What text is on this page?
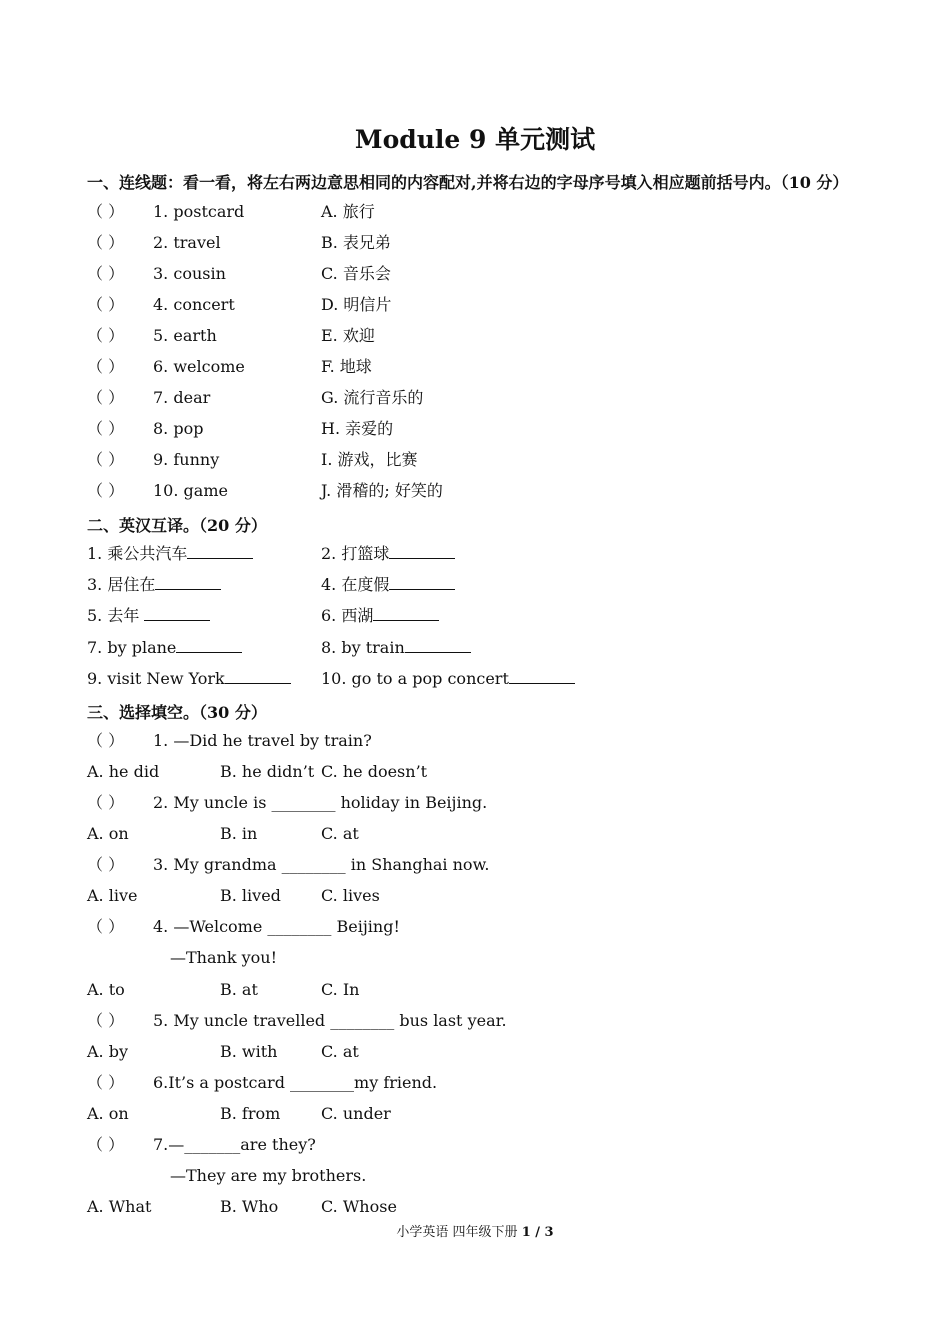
Module 9 单元测试
一、连线题：看一看，将左右两边意思相同的内容配对,并将右边的字母序号填入相应题前括号内。（10 分）
二、英汉互译。（20 分）
三、选择填空。（30 分）
小学英语 四年级下册 1 / 3
（ ） 1. postcard	A. 旅行
（ ） 2. travel	B. 表兄弟
（ ） 3. cousin	C. 音乐会
（ ） 4. concert	D. 明信片
（ ） 5. earth	E. 欢迎
（ ） 6. welcome	F. 地球
（ ） 7. dear	G. 流行音乐的
（ ） 8. pop	H. 亲爱的
（ ） 9. funny	I. 游戏，比赛
（ ） 10. game	J. 滑稽的; 好笑的
1. 乘公共汽车	2. 打篮球
3. 居住在	4. 在度假
5. 去年	6. 西湖
7. by plane	8. by train
9. visit New York	10. go to a pop concert
（ ） 1. —Did he travel by train?
A. he did	B. he didn’t C. he doesn’t
（ ） 2. My uncle is ________ holiday in Beijing.
A. on	B. in	C. at
（ ） 3. My grandma ________ in Shanghai now.
A. live	B. lived	C. lives
（ ） 4. —Welcome ________ Beijing!
—Thank you!
A. to	B. at	C. In
（ ） 5. My uncle travelled ________ bus last year.
A. by	B. with	C. at
（ ） 6.It’s a postcard ________my friend.
A. on	B. from	C. under
（ ） 7.—_______are they?
—They are my brothers.
A. What	B. Who	C. Whose
